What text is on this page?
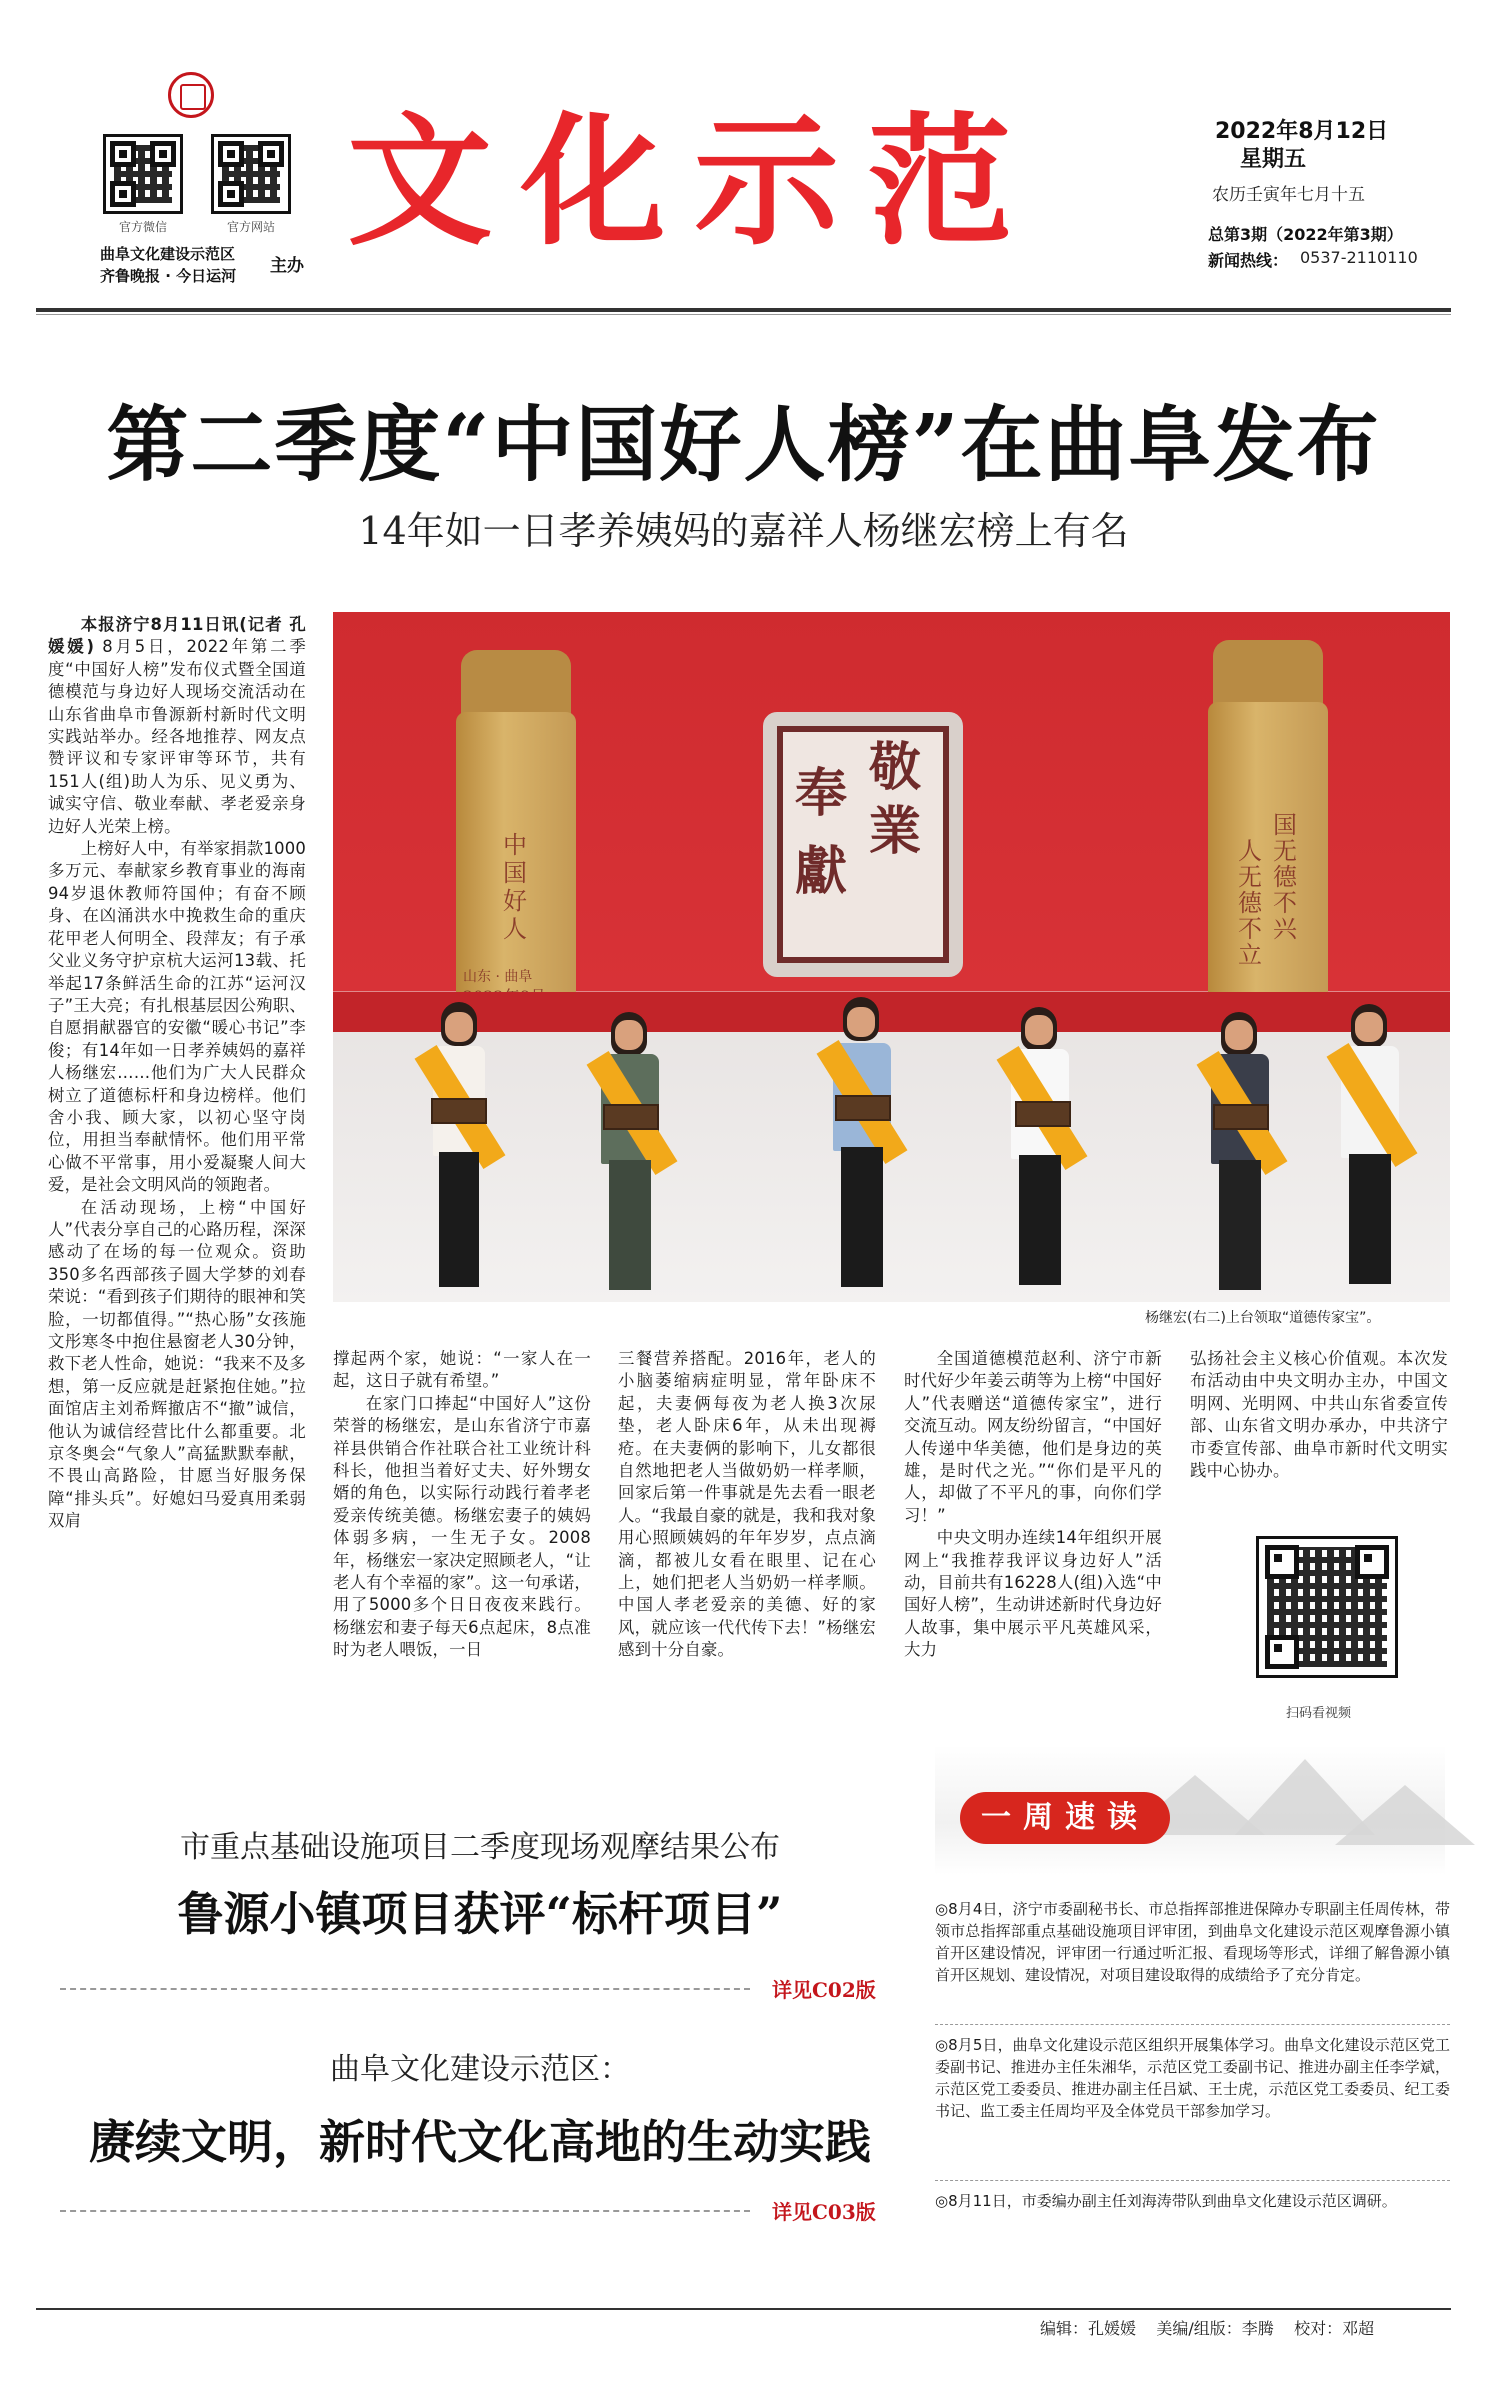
官方微信	官方网站
曲阜文化建设示范区
齐鲁晚报 · 今日运河 主办
文化示范	2022年8月12日
星期五
农历壬寅年七月十五
总第3期（2022年第3期）
新闻热线： 0537-2110110
第二季度“中国好人榜”在曲阜发布
14年如一日孝养姨妈的嘉祥人杨继宏榜上有名
中
国
好
人
山东 · 曲阜
敬
業
奉
獻
国
无
德
不
兴
人
无
德
不
立
杨继宏(右二)上台领取“道德传家宝”。

本报济宁8月11日讯(记者 孔媛媛) 8月5日，2022年第二季度“中国好人榜”发布仪式暨全国道德模范与身边好人现场交流活动在山东省曲阜市鲁源新村新时代文明实践站举办。经各地推荐、网友点赞评议和专家评审等环节，共有151人(组)助人为乐、见义勇为、诚实守信、敬业奉献、孝老爱亲身边好人光荣上榜。

上榜好人中，有举家捐款1000多万元、奉献家乡教育事业的海南94岁退休教师符国仲；有奋不顾身、在凶涌洪水中挽救生命的重庆花甲老人何明全、段萍友；有子承父业义务守护京杭大运河13载、托举起17条鲜活生命的江苏“运河汉子”王大亮；有扎根基层因公殉职、自愿捐献器官的安徽“暖心书记”李俊；有14年如一日孝养姨妈的嘉祥人杨继宏……他们为广大人民群众树立了道德标杆和身边榜样。他们舍小我、顾大家，以初心坚守岗位，用担当奉献情怀。他们用平常心做不平常事，用小爱凝聚人间大爱，是社会文明风尚的领跑者。

在活动现场，上榜“中国好人”代表分享自己的心路历程，深深感动了在场的每一位观众。资助350多名西部孩子圆大学梦的刘春荣说：“看到孩子们期待的眼神和笑脸，一切都值得。”“热心肠”女孩施文彤寒冬中抱住悬窗老人30分钟，救下老人性命，她说：“我来不及多想，第一反应就是赶紧抱住她。”拉面馆店主刘希辉撤店不“撤”诚信，他认为诚信经营比什么都重要。北京冬奥会“气象人”高猛默默奉献，不畏山高路险，甘愿当好服务保障“排头兵”。好媳妇马爱真用柔弱双肩

撑起两个家，她说：“一家人在一起，这日子就有希望。”

在家门口捧起“中国好人”这份荣誉的杨继宏，是山东省济宁市嘉祥县供销合作社联合社工业统计科科长，他担当着好丈夫、好外甥女婿的角色，以实际行动践行着孝老爱亲传统美德。杨继宏妻子的姨妈体弱多病，一生无子女。2008年，杨继宏一家决定照顾老人，“让老人有个幸福的家”。这一句承诺，用了5000多个日日夜夜来践行。杨继宏和妻子每天6点起床，8点准时为老人喂饭，一日

三餐营养搭配。2016年，老人的小脑萎缩病症明显，常年卧床不起，夫妻俩每夜为老人换3次尿垫，老人卧床6年，从未出现褥疮。在夫妻俩的影响下，儿女都很自然地把老人当做奶奶一样孝顺，回家后第一件事就是先去看一眼老人。“我最自豪的就是，我和我对象用心照顾姨妈的年年岁岁，点点滴滴，都被儿女看在眼里、记在心上，她们把老人当奶奶一样孝顺。中国人孝老爱亲的美德、好的家风，就应该一代代传下去！”杨继宏感到十分自豪。

全国道德模范赵利、济宁市新时代好少年姜云萌等为上榜“中国好人”代表赠送“道德传家宝”，进行交流互动。网友纷纷留言，“中国好人传递中华美德，他们是身边的英雄，是时代之光。”“你们是平凡的人，却做了不平凡的事，向你们学习！”

中央文明办连续14年组织开展网上“我推荐我评议身边好人”活动，目前共有16228人(组)入选“中国好人榜”，生动讲述新时代身边好人故事，集中展示平凡英雄风采，大力

弘扬社会主义核心价值观。本次发布活动由中央文明办主办，中国文明网、光明网、中共山东省委宣传部、山东省文明办承办，中共济宁市委宣传部、曲阜市新时代文明实践中心协办。

扫码看视频
市重点基础设施项目二季度现场观摩结果公布
鲁源小镇项目获评“标杆项目”
详见C02版
曲阜文化建设示范区：
赓续文明，新时代文化高地的生动实践
详见C03版
一周速读

◎8月4日，济宁市委副秘书长、市总指挥部推进保障办专职副主任周传林，带领市总指挥部重点基础设施项目评审团，到曲阜文化建设示范区观摩鲁源小镇首开区建设情况，评审团一行通过听汇报、看现场等形式，详细了解鲁源小镇首开区规划、建设情况，对项目建设取得的成绩给予了充分肯定。

◎8月5日，曲阜文化建设示范区组织开展集体学习。曲阜文化建设示范区党工委副书记、推进办主任朱湘华，示范区党工委副书记、推进办副主任李学斌，示范区党工委委员、推进办副主任吕斌、王士虎，示范区党工委委员、纪工委书记、监工委主任周均平及全体党员干部参加学习。

◎8月11日，市委编办副主任刘海涛带队到曲阜文化建设示范区调研。

编辑：孔媛媛 美编/组版：李腾 校对：邓超
